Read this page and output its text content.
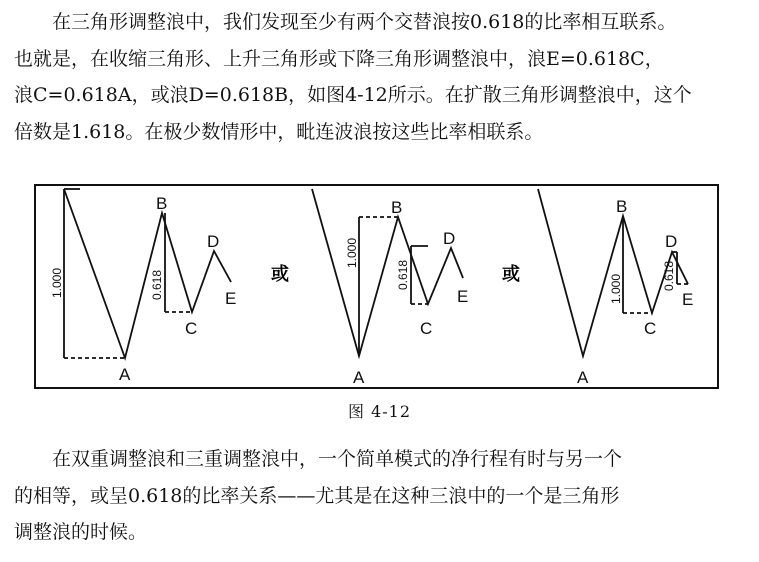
在三角形调整浪中，我们发现至少有两个交替浪按0.618的比率相互联系。
也就是，在收缩三角形、上升三角形或下降三角形调整浪中，浪E=0.618C，
浪C=0.618A，或浪D=0.618B，如图4-12所示。在扩散三角形调整浪中，这个
倍数是1.618。在极少数情形中，毗连波浪按这些比率相联系。

A
B
C
D
E
1.000	0.618	或
A
B
C
D
E
1.000
0.618	或
A
B
C
D
E
1.000	0.618
图 4-12

在双重调整浪和三重调整浪中，一个简单模式的净行程有时与另一个
的相等，或呈0.618的比率关系——尤其是在这种三浪中的一个是三角形
调整浪的时候。
